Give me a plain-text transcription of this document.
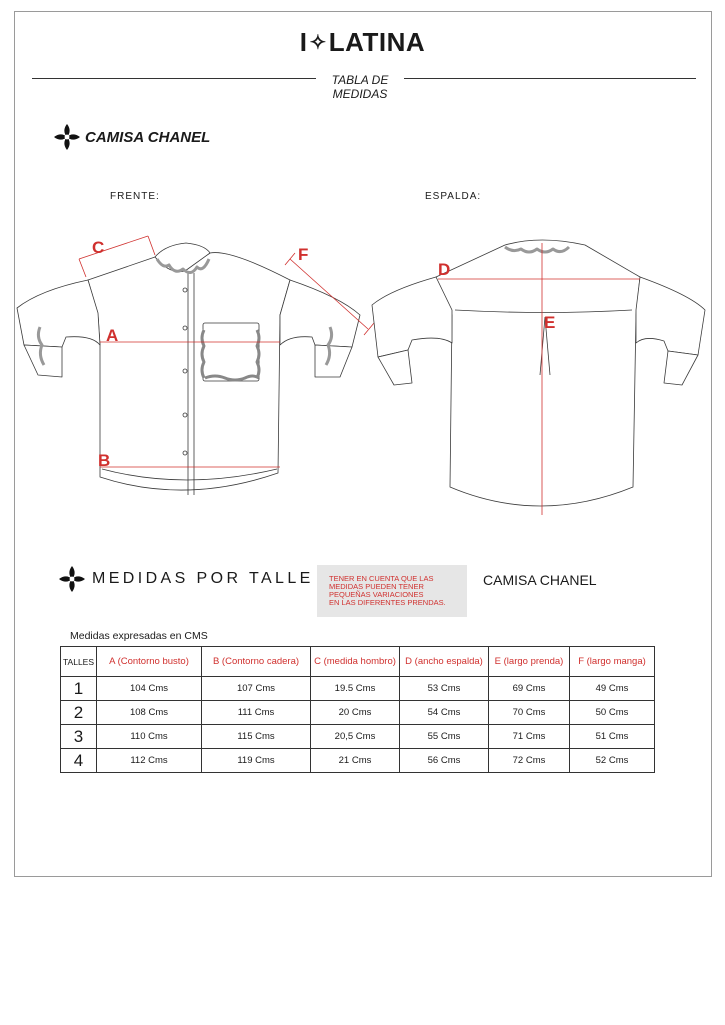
I ✧LATINA
TABLA DE
MEDIDAS
CAMISA CHANEL
FRENTE:	ESPALDA:
C	F
A
B
D
E
MEDIDAS POR TALLE TENER EN CUENTA QUE LAS
MEDIDAS PUEDEN TENER
PEQUEÑAS VARIACIONES
EN LAS DIFERENTES PRENDAS.
CAMISA CHANEL
Medidas expresadas en CMS
TALLES	A (Contorno busto)	B (Contorno cadera)	C (medida hombro)	D (ancho espalda)	E (largo prenda)	F (largo manga)
1	104 Cms	107 Cms	19.5 Cms	53 Cms	69 Cms	49 Cms
2	108 Cms	111 Cms	20 Cms	54 Cms	70 Cms	50 Cms
3	110 Cms	115 Cms	20,5 Cms	55 Cms	71 Cms	51 Cms
4	112 Cms	119 Cms	21 Cms	56 Cms	72 Cms	52 Cms
